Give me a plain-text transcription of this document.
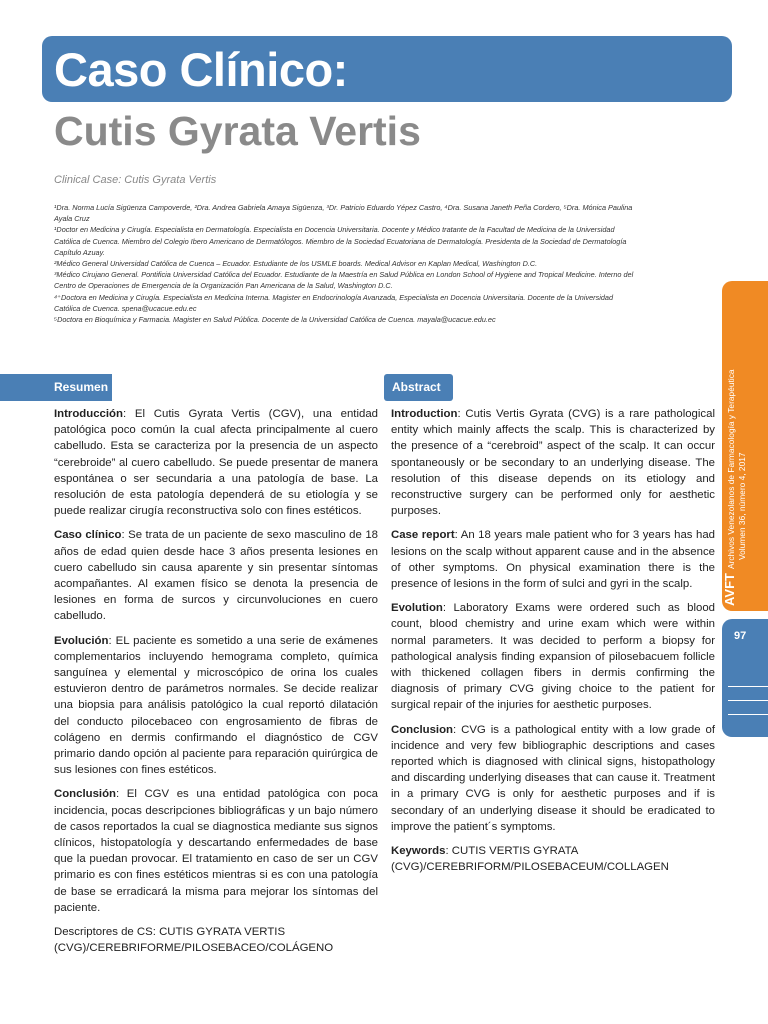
Caso Clínico:
Cutis Gyrata Vertis
Clinical Case: Cutis Gyrata Vertis

¹Dra. Norma Lucía Sigüenza Campoverde, ²Dra. Andrea Gabriela Amaya Sigüenza, ³Dr. Patricio Eduardo Yépez Castro, ⁴Dra. Susana Janeth Peña Cordero, ⁵Dra. Mónica Paulina Ayala Cruz

¹Doctor en Medicina y Cirugía. Especialista en Dermatología. Especialista en Docencia Universitaria. Docente y Médico tratante de la Facultad de Medicina de la Universidad Católica de Cuenca. Miembro del Colegio Ibero Americano de Dermatólogos. Miembro de la Sociedad Ecuatoriana de Dermatología. Presidenta de la Sociedad de Dermatología Capítulo Azuay.

²Médico General Universidad Católica de Cuenca – Ecuador. Estudiante de los USMLE boards. Medical Advisor en Kaplan Medical, Washington D.C.

³Médico Cirujano General. Pontificia Universidad Católica del Ecuador. Estudiante de la Maestría en Salud Pública en London School of Hygiene and Tropical Medicine. Interno del Centro de Operaciones de Emergencia de la Organización Pan Americana de la Salud, Washington D.C.

⁴⁺Doctora en Medicina y Cirugía. Especialista en Medicina Interna. Magister en Endocrinología Avanzada, Especialista en Docencia Universitaria. Docente de la Universidad Católica de Cuenca. spena@ucacue.edu.ec

⁵Doctora en Bioquímica y Farmacia. Magister en Salud Pública. Docente de la Universidad Católica de Cuenca. mayala@ucacue.edu.ec

Resumen	Abstract

Introducción: El Cutis Gyrata Vertis (CGV), una entidad patológica poco común la cual afecta principalmente al cuero cabelludo. Esta se caracteriza por la presencia de un aspecto “cerebroide” al cuero cabelludo. Se puede presentar de manera espontánea o ser secundaria a una patología de base. La resolución de esta patología dependerá de su etiología y se puede realizar cirugía reconstructiva solo con fines estéticos.

Caso clínico: Se trata de un paciente de sexo masculino de 18 años de edad quien desde hace 3 años presenta lesiones en cuero cabelludo sin causa aparente y sin presentar síntomas acompañantes. Al examen físico se denota la presencia de lesiones en forma de surcos y circunvoluciones en cuero cabelludo.

Evolución: EL paciente es sometido a una serie de exámenes complementarios incluyendo hemograma completo, química sanguínea y elemental y microscópico de orina los cuales estuvieron dentro de parámetros normales. Se decide realizar una biopsia para análisis patológico la cual reportó dilatación del conducto pilocebaceo con engrosamiento de fibras de colágeno en dermis confirmando el diagnóstico de CGV primario dando opción al paciente para reparación quirúrgica de sus lesiones con fines estéticos.

Conclusión: El CGV es una entidad patológica con poca incidencia, pocas descripciones bibliográficas y un bajo número de casos reportados la cual se diagnostica mediante sus signos clínicos, histopatología y descartando enfermedades de base que la puedan provocar. El tratamiento en caso de ser un CGV primario es con fines estéticos mientras si es con una patología de base se erradicará la misma para mejorar los síntomas del paciente.

Descriptores de CS: CUTIS GYRATA VERTIS (CVG)/CEREBRIFORME/PILOSEBACEO/COLÁGENO

Introduction: Cutis Vertis Gyrata (CVG) is a rare pathological entity which mainly affects the scalp. This is characterized by the presence of a “cerebroid” aspect of the scalp. It can occur spontaneously or be secondary to an underlying disease. The resolution of this disease depends on its etiology and reconstructive surgery can be performed only for aesthetic purposes.

Case report: An 18 years male patient who for 3 years has had lesions on the scalp without apparent cause and in the absence of other symptoms. On physical examination there is the presence of lesions in the form of sulci and gyri in the scalp.

Evolution: Laboratory Exams were ordered such as blood count, blood chemistry and urine exam which were within normal parameters. It was decided to perform a biopsy for pathological analysis finding expansion of pilosebacuem follicle with thickened collagen fibers in dermis confirming the diagnosis of primary CVG giving choice to the patient for surgical repair of the injuries for aesthetic purposes.

Conclusion: CVG is a pathological entity with a low grade of incidence and very few bibliographic descriptions and cases reported which is diagnosed with clinical signs, histopathology and discarding underlying diseases that can cause it. Treatment in a primary CVG is only for aesthetic purposes and if is secondary of an underlying disease it should be eradicated to improve the patient´s symptoms.

Keywords: CUTIS VERTIS GYRATA (CVG)/CEREBRIFORM/PILOSEBACEUM/COLLAGEN

AVFTArchivos Venezolanos de Farmacología y Terapéutica Volumen 36, número 4, 2017
97
